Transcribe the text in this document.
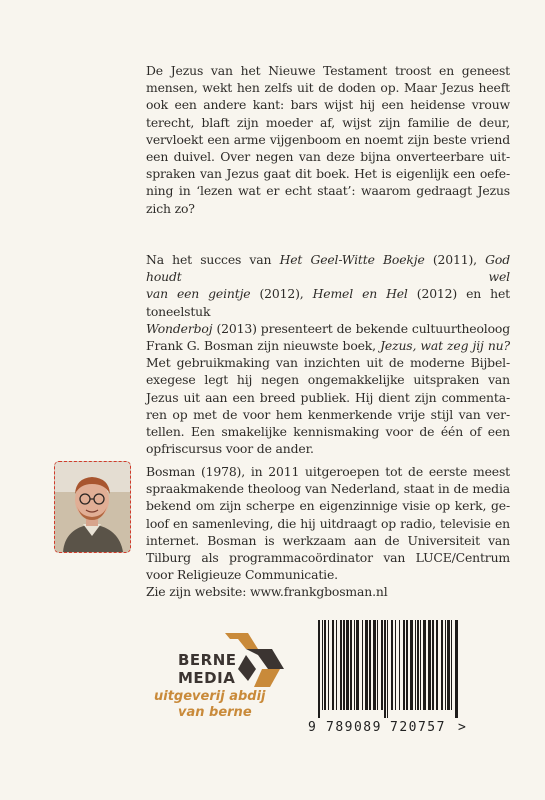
De Jezus van het Nieuwe Testament troost en geneest
mensen, wekt hen zelfs uit de doden op. Maar Jezus heeft
ook een andere kant: bars wijst hij een heidense vrouw
terecht, blaft zijn moeder af, wijst zijn familie de deur,
vervloekt een arme vijgenboom en noemt zijn beste vriend
een duivel. Over negen van deze bijna onverteerbare uit-
spraken van Jezus gaat dit boek. Het is eigenlijk een oefe-
ning in ‘lezen wat er echt staat’: waarom gedraagt Jezus
zich zo?
Na het succes van Het Geel-Witte Boekje (2011), God houdt wel
van een geintje (2012), Hemel en Hel (2012) en het toneelstuk
Wonderboj (2013) presenteert de bekende cultuurtheoloog
Frank G. Bosman zijn nieuwste boek, Jezus, wat zeg jij nu?
Met gebruikmaking van inzichten uit de moderne Bijbel-
exegese legt hij negen ongemakkelijke uitspraken van
Jezus uit aan een breed publiek. Hij dient zijn commenta-
ren op met de voor hem kenmerkende vrije stijl van ver-
tellen. Een smakelijke kennismaking voor de één of een
opfriscursus voor de ander.
Bosman (1978), in 2011 uitgeroepen tot de eerste meest
spraakmakende theoloog van Nederland, staat in de media
bekend om zijn scherpe en eigenzinnige visie op kerk, ge-
loof en samenleving, die hij uitdraagt op radio, televisie en
internet. Bosman is werkzaam aan de Universiteit van
Tilburg als programmacoördinator van LUCE/Centrum
voor Religieuze Communicatie.
Zie zijn website: www.frankgbosman.nl
BERNE
MEDIA
uitgeverij abdij
van berne
9 789089 720757 >
